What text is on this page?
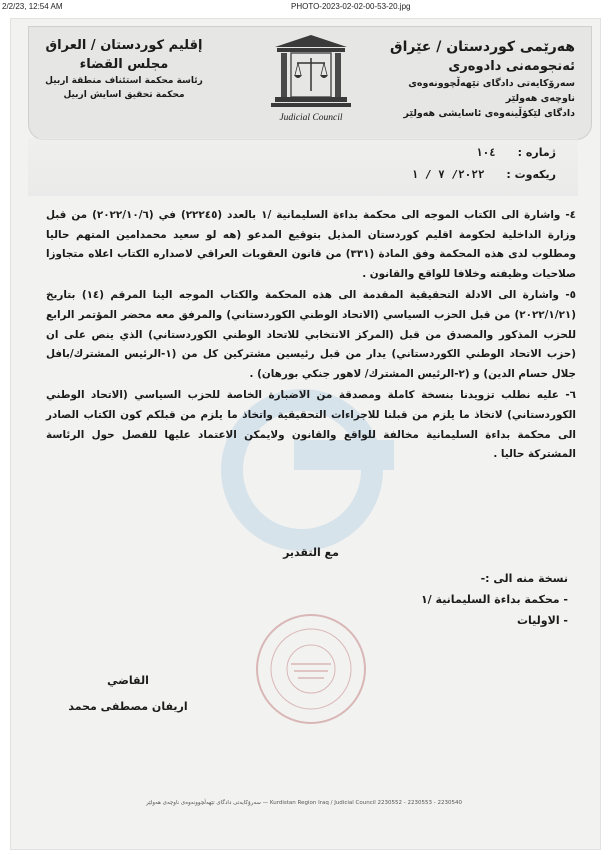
2/2/23, 12:54 AM	PHOTO-2023-02-02-00-53-20.jpg
هەرێمی کوردستان / عێراق
ئەنجومەنی دادوەری
سەرۆکایەتی دادگای تێهەڵچوونەوەی ناوچەی هەولێر
دادگای لێکۆڵینەوەی ئاسایشی هەولێر
Judicial Council
إقليم كوردستان / العراق
مجلس القضاء
رئاسة محكمة استئناف منطقة اربيل
محكمة تحقيق اسايش اربيل
ژماره : ١٠٤
ریکەوت : ٢٠٢٢/ ٧ / ١

٤- واشارة الى الكتاب الموجه الى محكمة بداءة السليمانية /١ بالعدد (٢٢٢٤٥) في (٢٠٢٢/١٠/٦) من قبل وزارة الداخلية لحكومة اقليم كوردستان المذيل بتوقيع المدعو (هه لو سعيد محمدامين المتهم حاليا ومطلوب لدى هذه المحكمة وفق المادة (٣٣١) من قانون العقوبات العراقي لاصداره الكتاب اعلاه متجاوزا صلاحيات وظيفته وخلافا للواقع والقانون .

٥- واشارة الى الادلة التحقيقية المقدمة الى هذه المحكمة والكتاب الموجه الينا المرقم (١٤) بتاريخ (٢٠٢٢/١/٢١) من قبل الحزب السياسي (الاتحاد الوطني الكوردستاني) والمرفق معه محضر المؤتمر الرابع للحزب المذكور والمصدق من قبل (المركز الانتخابي للاتحاد الوطني الكوردستاني) الذي ينص على ان (حزب الاتحاد الوطني الكوردستاني) يدار من قبل رئيسين مشتركين كل من (١-الرئيس المشترك/بافل جلال حسام الدين) و (٢-الرئيس المشترك/ لاهور جنكي بورهان) .

٦- عليه نطلب تزويدنا بنسخة كاملة ومصدقة من الاضبارة الخاصة للحزب السياسي (الاتحاد الوطني الكوردستاني) لاتخاذ ما يلزم من قبلنا للاجراءات التحقيقية واتخاذ ما يلزم من قبلكم كون الكتاب الصادر الى محكمة بداءة السليمانية مخالفة للواقع والقانون ولايمكن الاعتماد عليها للفصل حول الرئاسة المشتركة حاليا .

مع التقدير
نسخة منه الى :-
- محكمة بداءة السليمانية /١
- الاوليات
القاضي
اريفان مصطفى محمد
سەرۆکایەتی دادگای تێهەڵچوونەوەی ناوچەی هەولێر — Kurdistan Region Iraq / Judicial Council 2230552 - 2230553 - 2230540
